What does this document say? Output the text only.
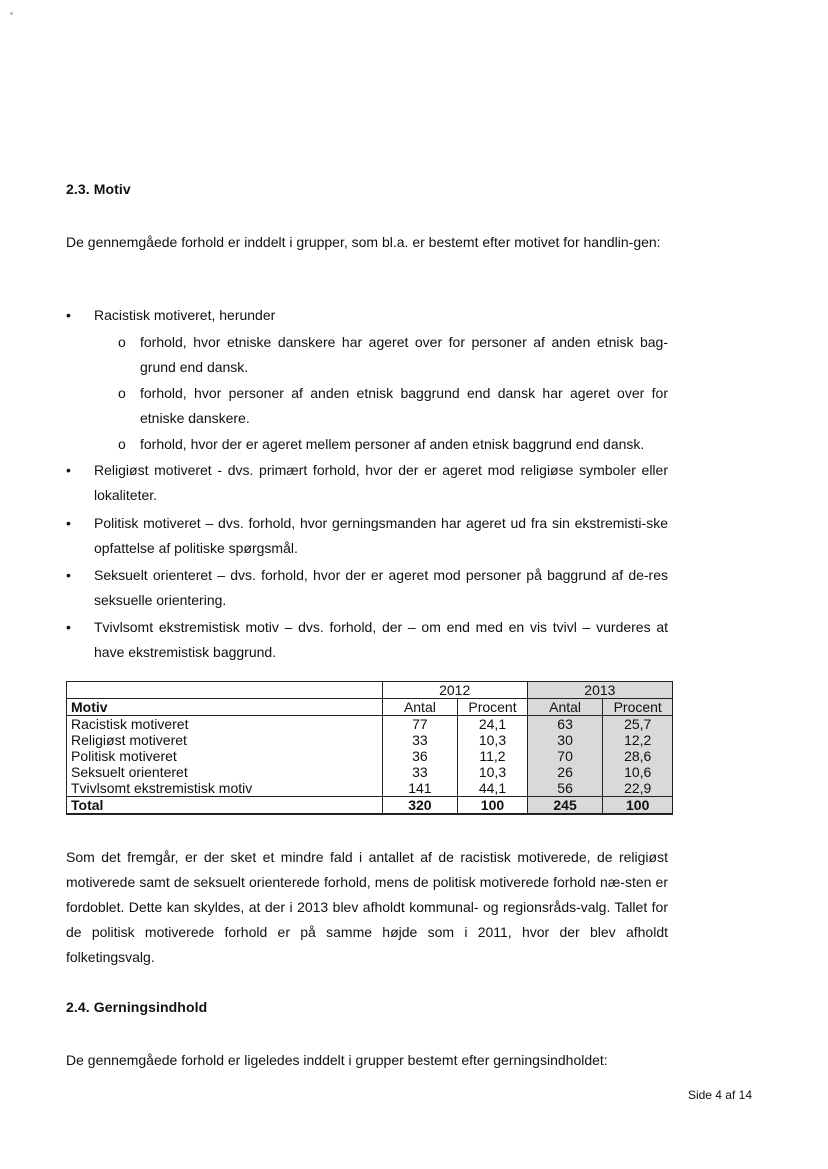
2.3. Motiv

De gennemgåede forhold er inddelt i grupper, som bl.a. er bestemt efter motivet for handlin-gen:

•	Racistisk motiveret, herunder
o	forhold, hvor etniske danskere har ageret over for personer af anden etnisk bag-grund end dansk.
o	forhold, hvor personer af anden etnisk baggrund end dansk har ageret over for etniske danskere.
o	forhold, hvor der er ageret mellem personer af anden etnisk baggrund end dansk.
•	Religiøst motiveret - dvs. primært forhold, hvor der er ageret mod religiøse symboler eller lokaliteter.
•	Politisk motiveret – dvs. forhold, hvor gerningsmanden har ageret ud fra sin ekstremisti-ske opfattelse af politiske spørgsmål.
•	Seksuelt orienteret – dvs. forhold, hvor der er ageret mod personer på baggrund af de-res seksuelle orientering.
•	Tvivlsomt ekstremistisk motiv – dvs. forhold, der – om end med en vis tvivl – vurderes at have ekstremistisk baggrund.
	2012		2013	
Motiv	Antal	Procent	Antal	Procent
Racistisk motiveret	77	24,1	63	25,7
Religiøst motiveret	33	10,3	30	12,2
Politisk motiveret	36	11,2	70	28,6
Seksuelt orienteret	33	10,3	26	10,6
Tvivlsomt ekstremistisk motiv	141	44,1	56	22,9
Total	320	100	245	100

Som det fremgår, er der sket et mindre fald i antallet af de racistisk motiverede, de religiøst motiverede samt de seksuelt orienterede forhold, mens de politisk motiverede forhold næ-sten er fordoblet. Dette kan skyldes, at der i 2013 blev afholdt kommunal- og regionsråds-valg. Tallet for de politisk motiverede forhold er på samme højde som i 2011, hvor der blev afholdt folketingsvalg.

2.4. Gerningsindhold

De gennemgåede forhold er ligeledes inddelt i grupper bestemt efter gerningsindholdet:

Side 4 af 14
